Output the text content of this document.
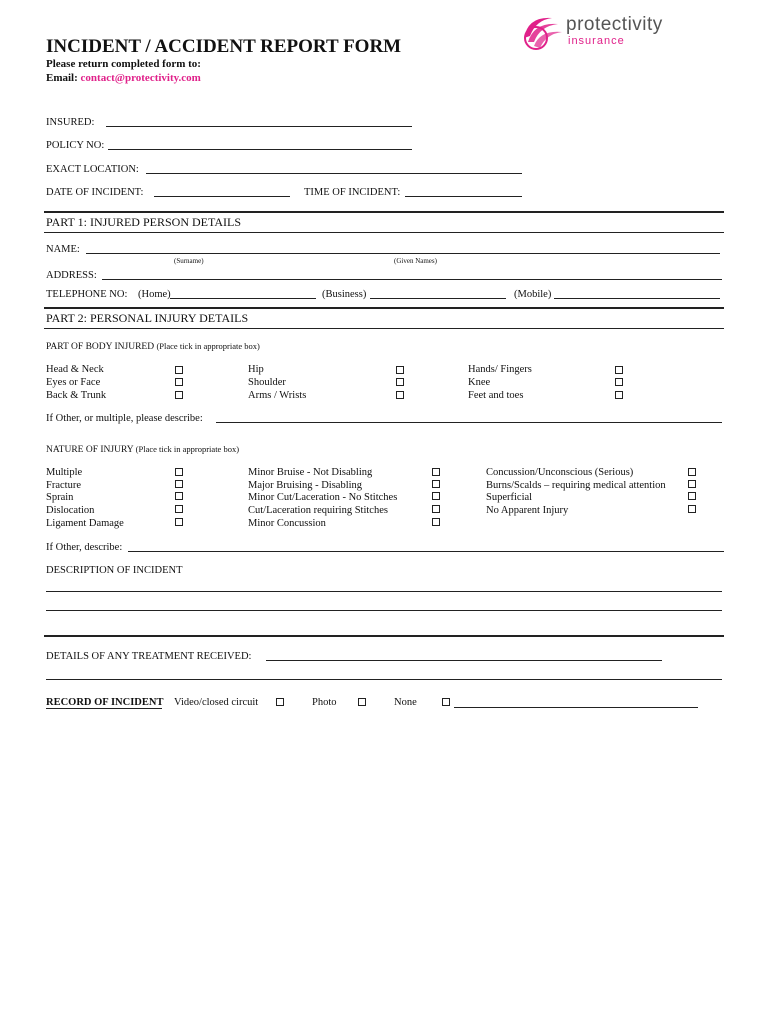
protectivity
insurance
INCIDENT / ACCIDENT REPORT FORM
Please return completed form to:
Email: contact@protectivity.com
INSURED:
POLICY NO:
EXACT LOCATION:
DATE OF INCIDENT:	TIME OF INCIDENT:
PART 1: INJURED PERSON DETAILS
NAME:
(Surname)	(Given Names)
ADDRESS:
TELEPHONE NO: (Home)	(Business)	(Mobile)
PART 2: PERSONAL INJURY DETAILS
PART OF BODY INJURED (Place tick in appropriate box)
Head & Neck
Eyes or Face
Back & Trunk
Hip
Shoulder
Arms / Wrists
Hands/ Fingers
Knee
Feet and toes
If Other, or multiple, please describe:
NATURE OF INJURY (Place tick in appropriate box)
Multiple
Fracture
Sprain
Dislocation
Ligament Damage
Minor Bruise - Not Disabling
Major Bruising - Disabling
Minor Cut/Laceration - No Stitches
Cut/Laceration requiring Stitches
Minor Concussion
Concussion/Unconscious (Serious)
Burns/Scalds – requiring medical attention
Superficial
No Apparent Injury
If Other, describe:
DESCRIPTION OF INCIDENT
DETAILS OF ANY TREATMENT RECEIVED:
RECORD OF INCIDENT Video/closed circuit	Photo	None
